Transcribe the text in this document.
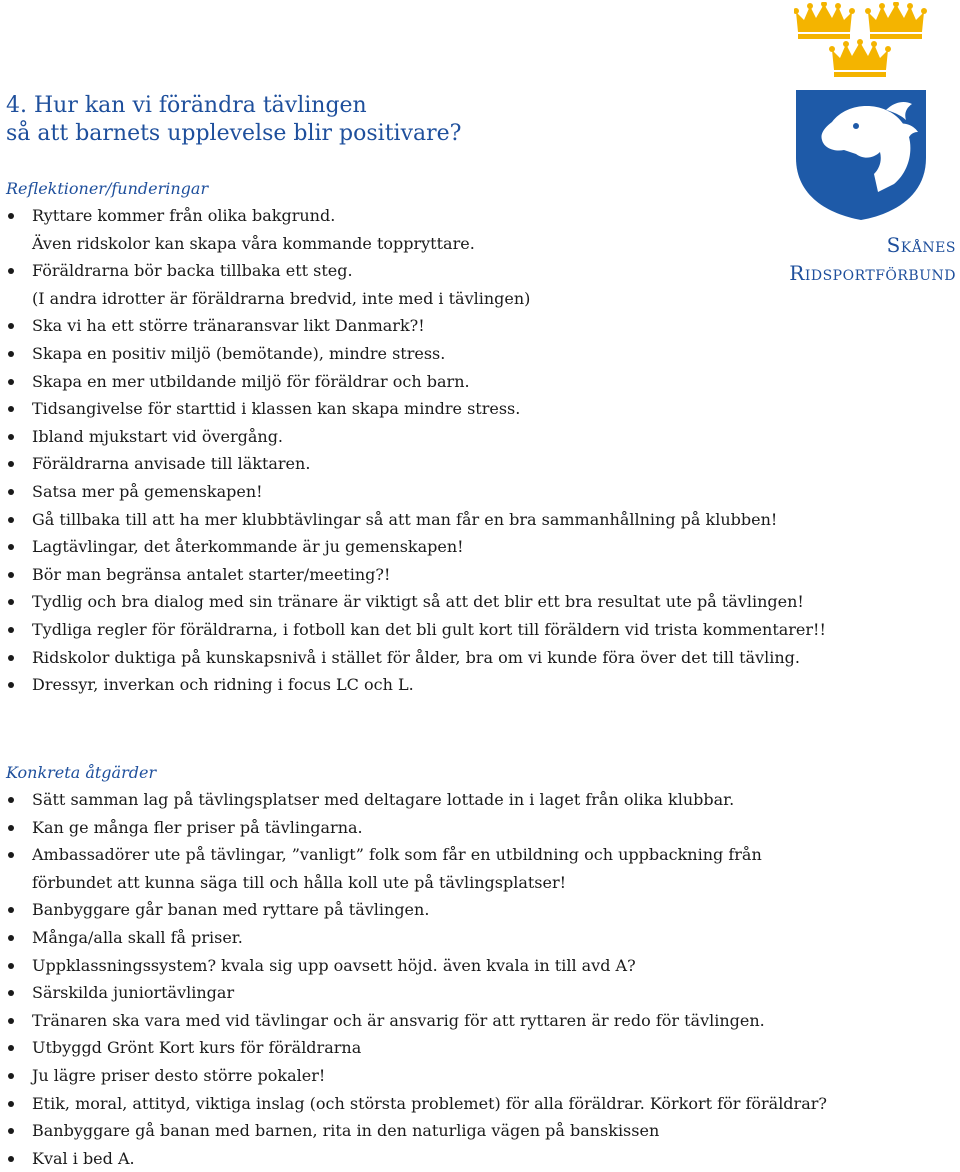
4. Hur kan vi förändra tävlingen
så att barnets upplevelse blir positivare?
Skånes
Ridsportförbund
Reflektioner/funderingar
Ryttare kommer från olika bakgrund.
Även ridskolor kan skapa våra kommande toppryttare.
Föräldrarna bör backa tillbaka ett steg.
(I andra idrotter är föräldrarna bredvid, inte med i tävlingen)
Ska vi ha ett större tränaransvar likt Danmark?!
Skapa en positiv miljö (bemötande), mindre stress.
Skapa en mer utbildande miljö för föräldrar och barn.
Tidsangivelse för starttid i klassen kan skapa mindre stress.
Ibland mjukstart vid övergång.
Föräldrarna anvisade till läktaren.
Satsa mer på gemenskapen!
Gå tillbaka till att ha mer klubbtävlingar så att man får en bra sammanhållning på klubben!
Lagtävlingar, det återkommande är ju gemenskapen!
Bör man begränsa antalet starter/meeting?!
Tydlig och bra dialog med sin tränare är viktigt så att det blir ett bra resultat ute på tävlingen!
Tydliga regler för föräldrarna, i fotboll kan det bli gult kort till föräldern vid trista kommentarer!!
Ridskolor duktiga på kunskapsnivå i stället för ålder, bra om vi kunde föra över det till tävling.
Dressyr, inverkan och ridning i focus LC och L.
Konkreta åtgärder
Sätt samman lag på tävlingsplatser med deltagare lottade in i laget från olika klubbar.
Kan ge många fler priser på tävlingarna.
Ambassadörer ute på tävlingar, ”vanligt” folk som får en utbildning och uppbackning från
förbundet att kunna säga till och hålla koll ute på tävlingsplatser!
Banbyggare går banan med ryttare på tävlingen.
Många/alla skall få priser.
Uppklassningssystem? kvala sig upp oavsett höjd. även kvala in till avd A?
Särskilda juniortävlingar
Tränaren ska vara med vid tävlingar och är ansvarig för att ryttaren är redo för tävlingen.
Utbyggd Grönt Kort kurs för föräldrarna
Ju lägre priser desto större pokaler!
Etik, moral, attityd, viktiga inslag (och största problemet) för alla föräldrar. Körkort för föräldrar?
Banbyggare gå banan med barnen, rita in den naturliga vägen på banskissen
Kval i bed A.
